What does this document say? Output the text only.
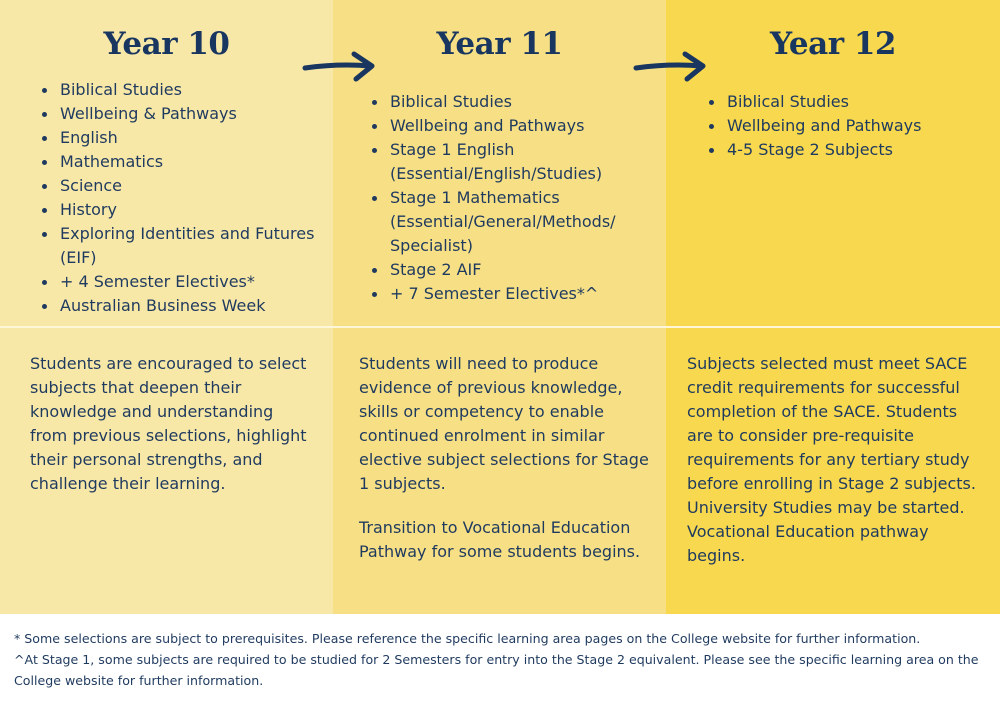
Year 10
Biblical Studies
Wellbeing & Pathways
English
Mathematics
Science
History
Exploring Identities and Futures (EIF)
+ 4 Semester Electives*
Australian Business Week

Students are encouraged to select subjects that deepen their knowledge and understanding from previous selections, highlight their personal strengths, and challenge their learning.

Year 11
Biblical Studies
Wellbeing and Pathways
Stage 1 English (Essential/English/Studies)
Stage 1 Mathematics (Essential/General/Methods/ Specialist)
Stage 2 AIF
+ 7 Semester Electives*^

Students will need to produce evidence of previous knowledge, skills or competency to enable continued enrolment in similar elective subject selections for Stage 1 subjects.

Transition to Vocational Education Pathway for some students begins.

Year 12
Biblical Studies
Wellbeing and Pathways
4-5 Stage 2 Subjects

Subjects selected must meet SACE credit requirements for successful completion of the SACE. Students are to consider pre-requisite requirements for any tertiary study before enrolling in Stage 2 subjects. University Studies may be started. Vocational Education pathway begins.

* Some selections are subject to prerequisites. Please reference the specific learning area pages on the College website for further information.

^At Stage 1, some subjects are required to be studied for 2 Semesters for entry into the Stage 2 equivalent. Please see the specific learning area on the College website for further information.
